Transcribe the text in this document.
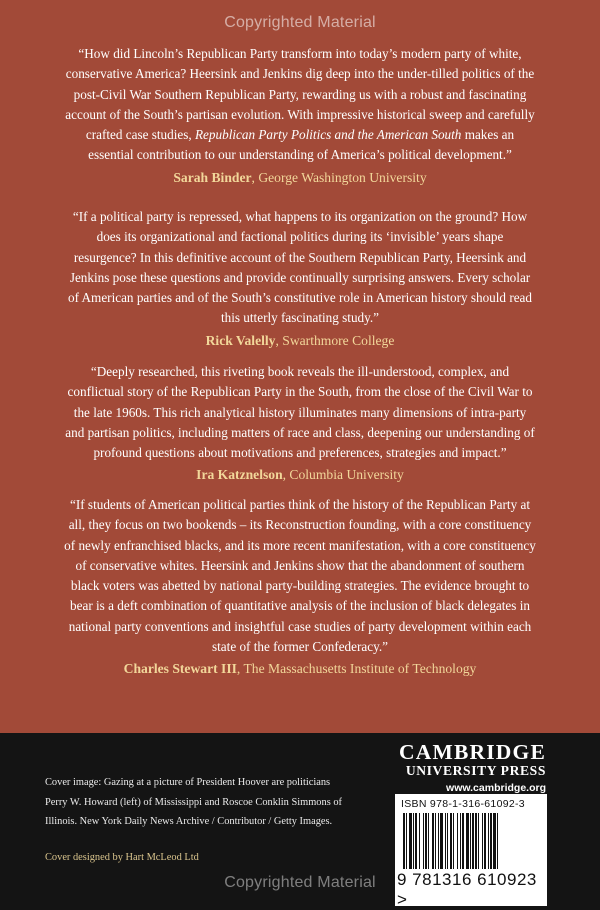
Copyrighted Material

“How did Lincoln’s Republican Party transform into today’s modern party of white, conservative America? Heersink and Jenkins dig deep into the under-tilled politics of the post-Civil War Southern Republican Party, rewarding us with a robust and fascinating account of the South’s partisan evolution. With impressive historical sweep and carefully crafted case studies, Republican Party Politics and the American South makes an essential contribution to our understanding of America’s political development.”

Sarah Binder, George Washington University

“If a political party is repressed, what happens to its organization on the ground? How does its organizational and factional politics during its ‘invisible’ years shape resurgence? In this definitive account of the Southern Republican Party, Heersink and Jenkins pose these questions and provide continually surprising answers. Every scholar of American parties and of the South’s constitutive role in American history should read this utterly fascinating study.”

Rick Valelly, Swarthmore College

“Deeply researched, this riveting book reveals the ill-understood, complex, and conflictual story of the Republican Party in the South, from the close of the Civil War to the late 1960s. This rich analytical history illuminates many dimensions of intra-party and partisan politics, including matters of race and class, deepening our understanding of profound questions about motivations and preferences, strategies and impact.”

Ira Katznelson, Columbia University

“If students of American political parties think of the history of the Republican Party at all, they focus on two bookends – its Reconstruction founding, with a core constituency of newly enfranchised blacks, and its more recent manifestation, with a core constituency of conservative whites. Heersink and Jenkins show that the abandonment of southern black voters was abetted by national party-building strategies. The evidence brought to bear is a deft combination of quantitative analysis of the inclusion of black delegates in national party conventions and insightful case studies of party development within each state of the former Confederacy.”

Charles Stewart III, The Massachusetts Institute of Technology

Cover image: Gazing at a picture of President Hoover are politicians Perry W. Howard (left) of Mississippi and Roscoe Conklin Simmons of Illinois. New York Daily News Archive / Contributor / Getty Images.
Cover designed by Hart McLeod Ltd
CAMBRIDGE
UNIVERSITY PRESS
www.cambridge.org
ISBN 978-1-316-61092-3
9 781316 610923 >
Copyrighted Material
